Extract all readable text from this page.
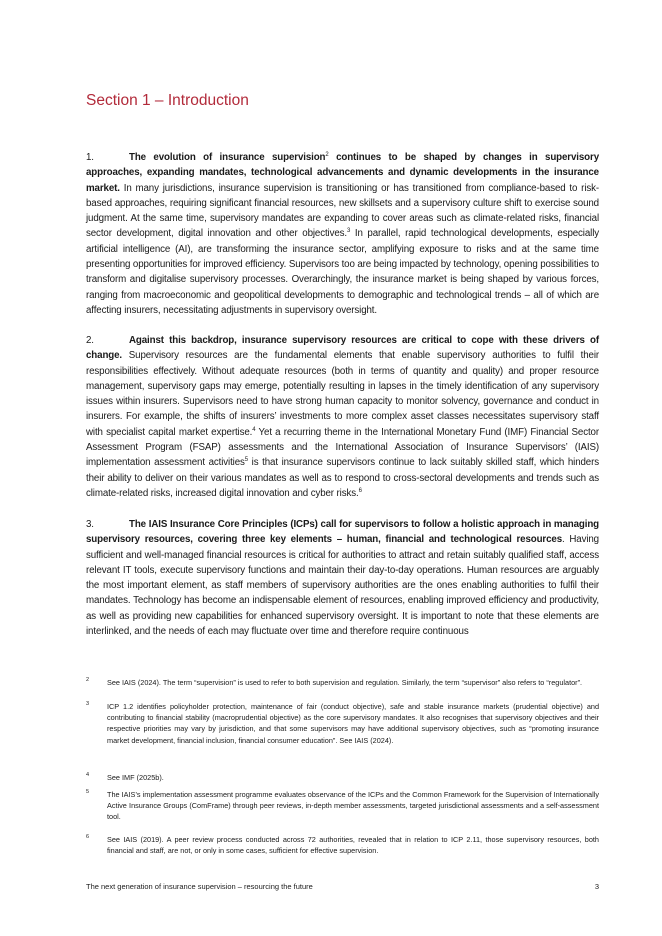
Section 1 – Introduction

1.	The evolution of insurance supervision$^2$ continues to be shaped by changes in supervisory approaches, expanding mandates, technological advancements and dynamic developments in the insurance market. In many jurisdictions, insurance supervision is transitioning or has transitioned from compliance-based to risk-based approaches, requiring significant financial resources, new skillsets and a supervisory culture shift to exercise sound judgment. At the same time, supervisory mandates are expanding to cover areas such as climate-related risks, financial sector development, digital innovation and other objectives.$^3$ In parallel, rapid technological developments, especially artificial intelligence (AI), are transforming the insurance sector, amplifying exposure to risks and at the same time presenting opportunities for improved efficiency. Supervisors too are being impacted by technology, opening possibilities to transform and digitalise supervisory processes. Overarchingly, the insurance market is being shaped by various forces, ranging from macroeconomic and geopolitical developments to demographic and technological trends – all of which are affecting insurers, necessitating adjustments in supervisory oversight.

2.	Against this backdrop, insurance supervisory resources are critical to cope with these drivers of change. Supervisory resources are the fundamental elements that enable supervisory authorities to fulfil their responsibilities effectively. Without adequate resources (both in terms of quantity and quality) and proper resource management, supervisory gaps may emerge, potentially resulting in lapses in the timely identification of any supervisory issues within insurers. Supervisors need to have strong human capacity to monitor solvency, governance and conduct in insurers. For example, the shifts of insurers’ investments to more complex asset classes necessitates supervisory staff with specialist capital market expertise.$^4$ Yet a recurring theme in the International Monetary Fund (IMF) Financial Sector Assessment Program (FSAP) assessments and the International Association of Insurance Supervisors’ (IAIS) implementation assessment activities$^5$ is that insurance supervisors continue to lack suitably skilled staff, which hinders their ability to deliver on their various mandates as well as to respond to cross-sectoral developments and trends such as climate-related risks, increased digital innovation and cyber risks.$^6$

3.	The IAIS Insurance Core Principles (ICPs) call for supervisors to follow a holistic approach in managing supervisory resources, covering three key elements – human, financial and technological resources. Having sufficient and well-managed financial resources is critical for authorities to attract and retain suitably qualified staff, access relevant IT tools, execute supervisory functions and maintain their day-to-day operations. Human resources are arguably the most important element, as staff members of supervisory authorities are the ones enabling authorities to fulfil their mandates. Technology has become an indispensable element of resources, enabling improved efficiency and productivity, as well as providing new capabilities for enhanced supervisory oversight. It is important to note that these elements are interlinked, and the needs of each may fluctuate over time and therefore require continuous

2 See IAIS (2024). The term “supervision” is used to refer to both supervision and regulation. Similarly, the term “supervisor” also refers to “regulator”.
3 ICP 1.2 identifies policyholder protection, maintenance of fair (conduct objective), safe and stable insurance markets (prudential objective) and contributing to financial stability (macroprudential objective) as the core supervisory mandates. It also recognises that supervisory objectives and their respective priorities may vary by jurisdiction, and that some supervisors may have additional supervisory objectives, such as “promoting insurance market development, financial inclusion, financial consumer education”. See IAIS (2024).
4 See IMF (2025b).
5 The IAIS’s implementation assessment programme evaluates observance of the ICPs and the Common Framework for the Supervision of Internationally Active Insurance Groups (ComFrame) through peer reviews, in-depth member assessments, targeted jurisdictional assessments and a self-assessment tool.
6 See IAIS (2019). A peer review process conducted across 72 authorities, revealed that in relation to ICP 2.11, those supervisory resources, both financial and staff, are not, or only in some cases, sufficient for effective supervision.
The next generation of insurance supervision – resourcing the future	3
